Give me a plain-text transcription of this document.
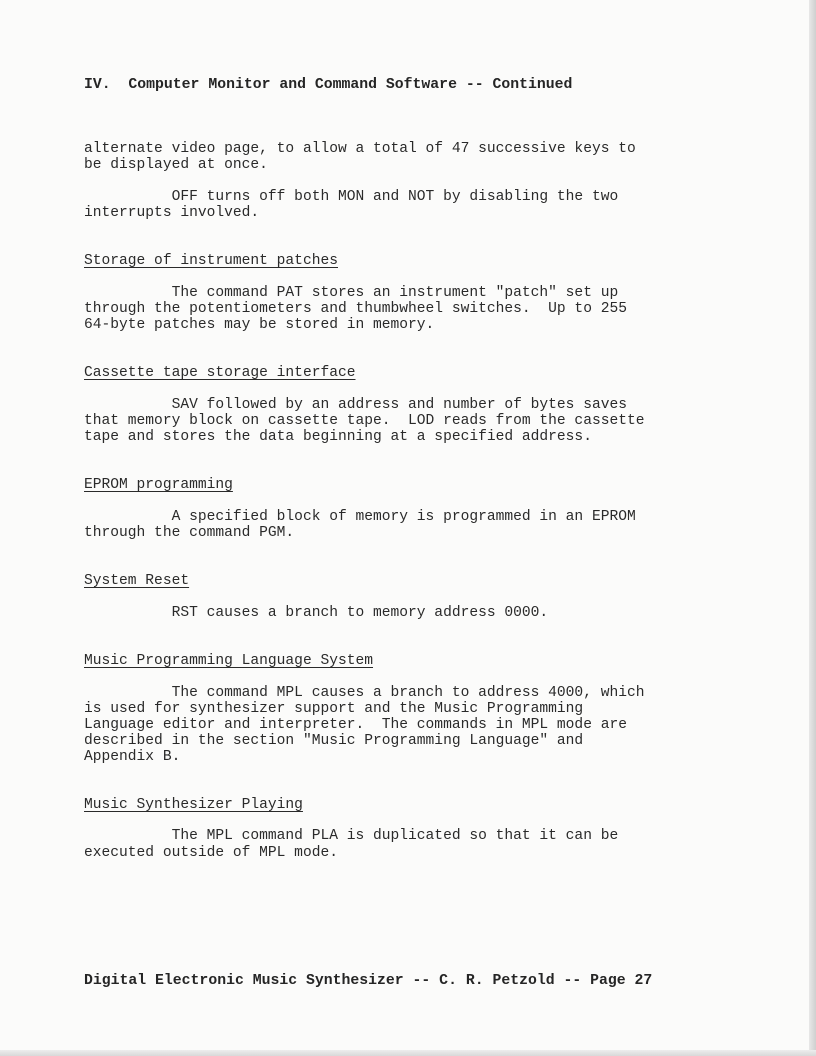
IV.  Computer Monitor and Command Software -- Continued

alternate video page, to allow a total of 47 successive keys to

be displayed at once.

OFF turns off both MON and NOT by disabling the two

interrupts involved.

Storage of instrument patches

The command PAT stores an instrument "patch" set up

through the potentiometers and thumbwheel switches.  Up to 255

64-byte patches may be stored in memory.

Cassette tape storage interface

SAV followed by an address and number of bytes saves

that memory block on cassette tape.  LOD reads from the cassette

tape and stores the data beginning at a specified address.

EPROM programming

A specified block of memory is programmed in an EPROM

through the command PGM.

System Reset

RST causes a branch to memory address 0000.

Music Programming Language System

The command MPL causes a branch to address 4000, which

is used for synthesizer support and the Music Programming

Language editor and interpreter.  The commands in MPL mode are

described in the section "Music Programming Language" and

Appendix B.

Music Synthesizer Playing

The MPL command PLA is duplicated so that it can be

executed outside of MPL mode.

Digital Electronic Music Synthesizer -- C. R. Petzold -- Page 27
